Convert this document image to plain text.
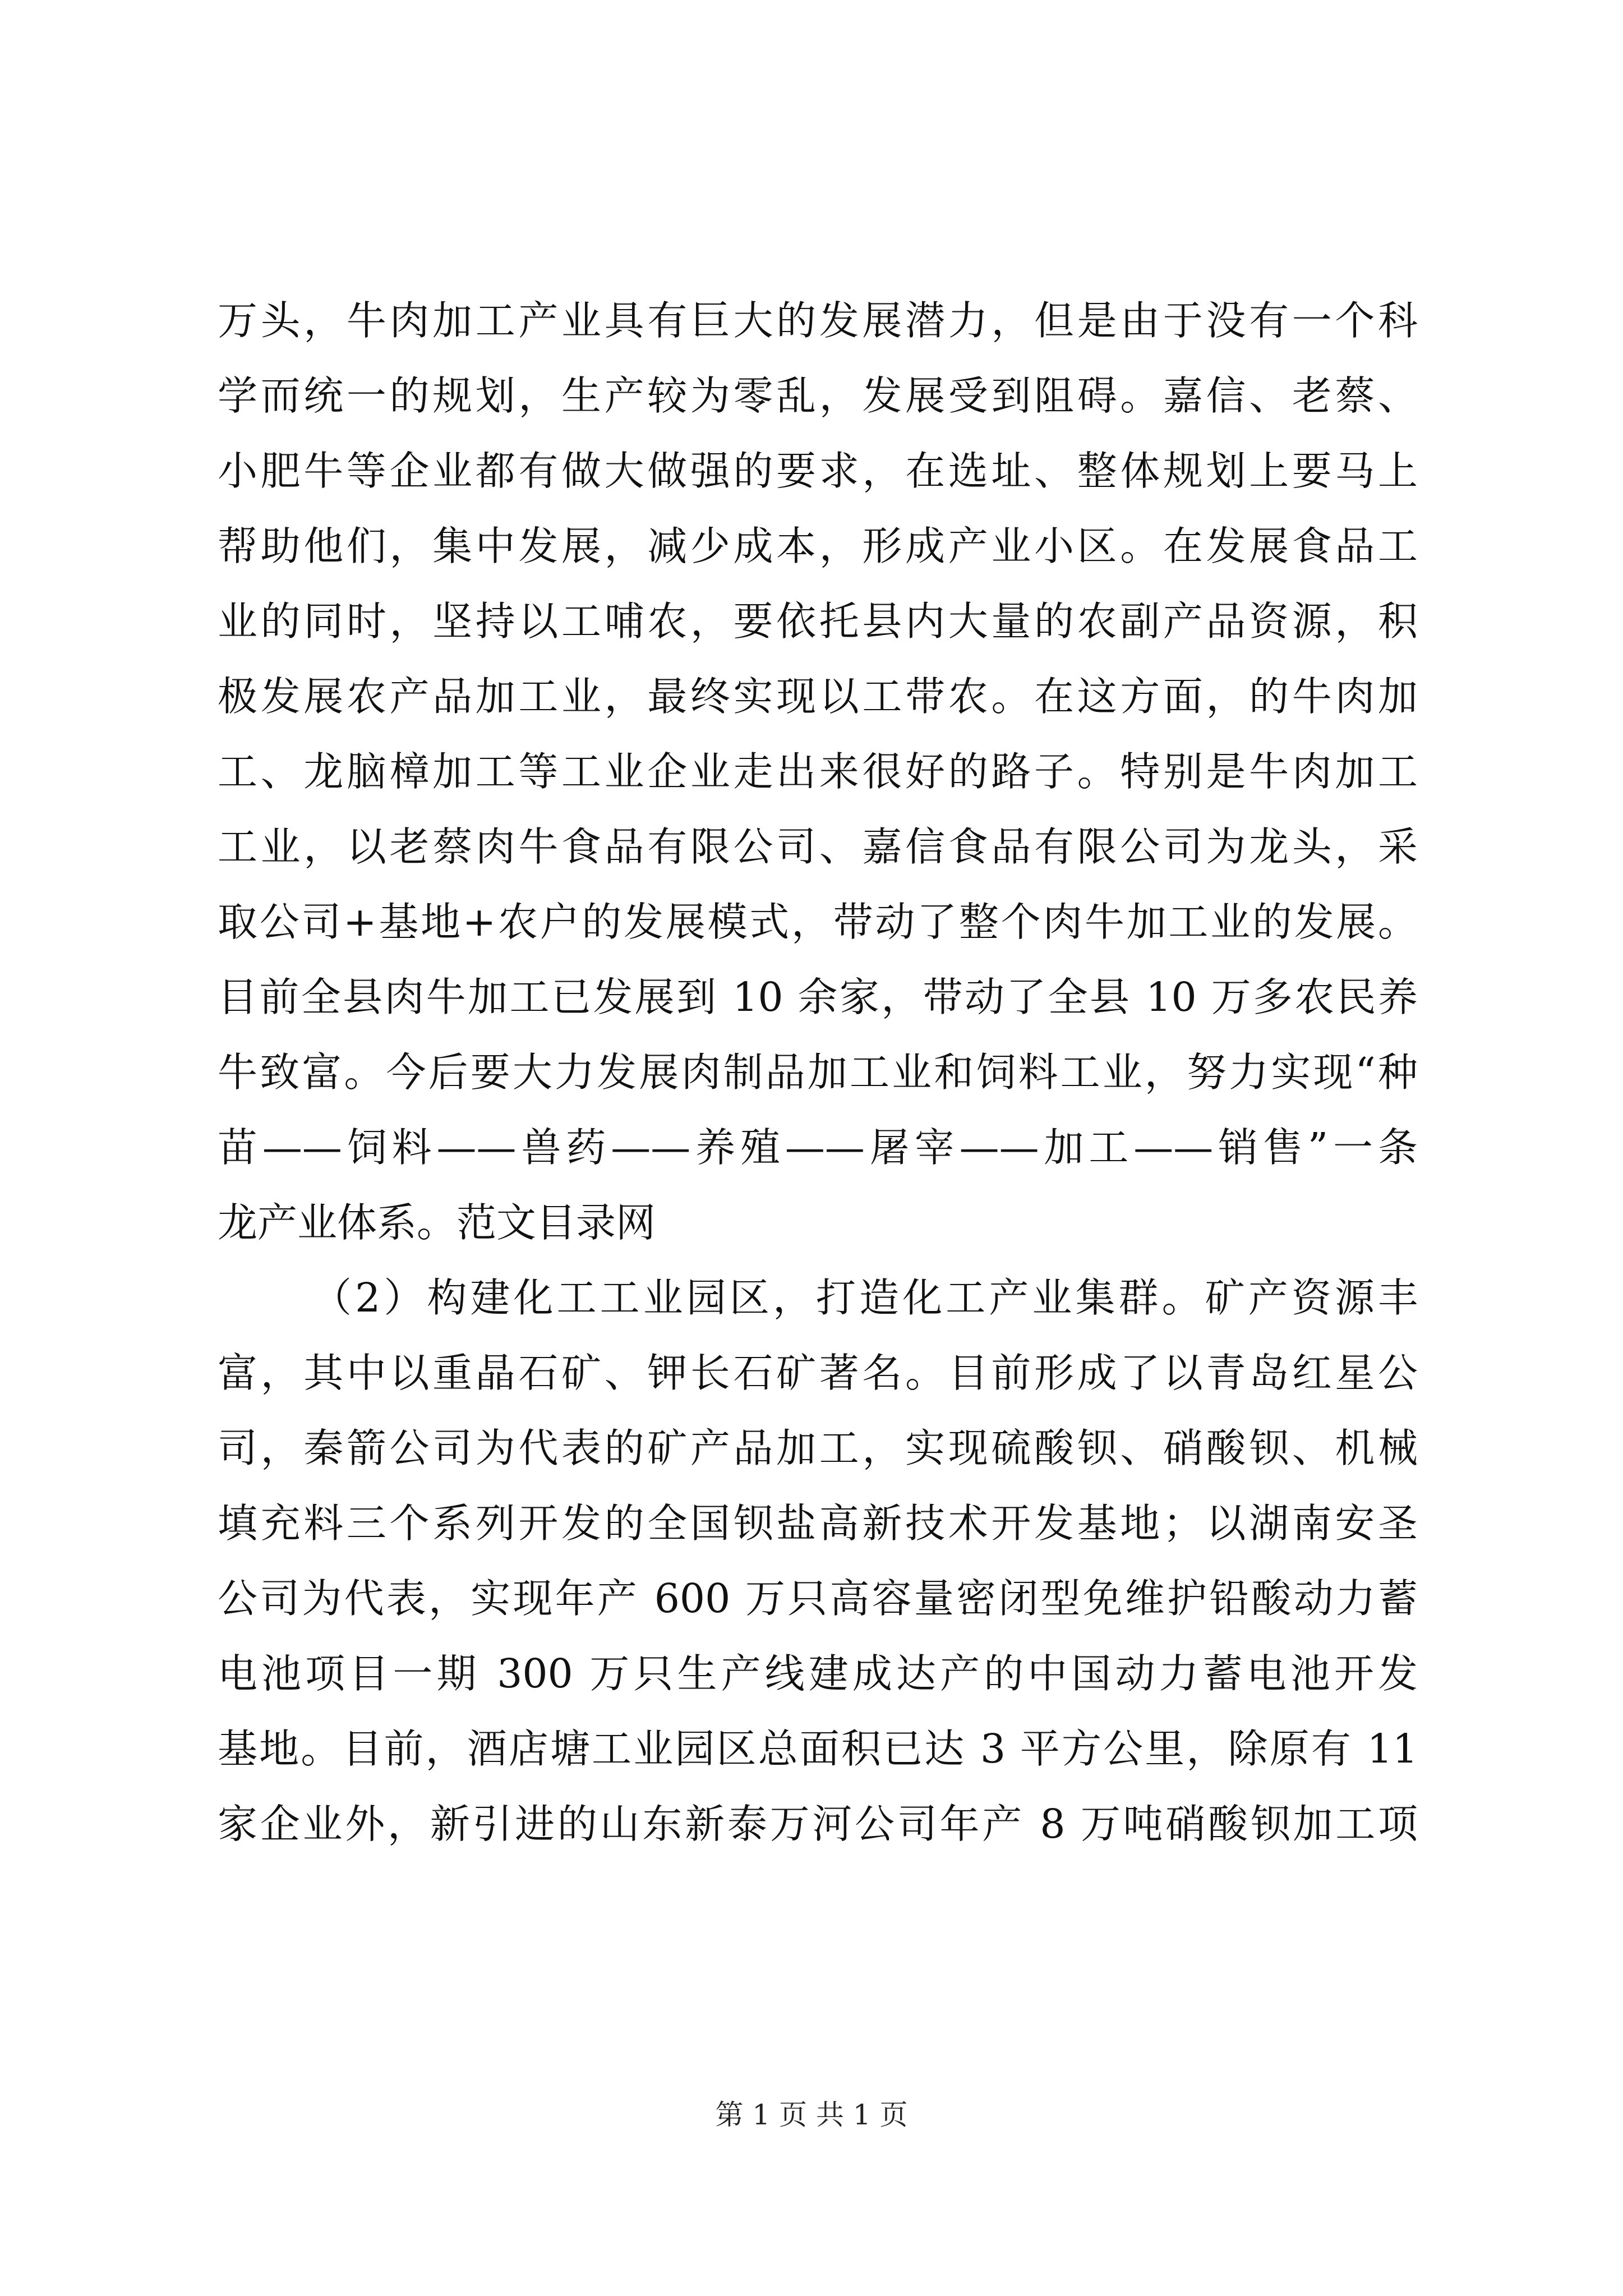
万头，牛肉加工产业具有巨大的发展潜力，但是由于没有一个科
学而统一的规划，生产较为零乱，发展受到阻碍。嘉信、老蔡、
小肥牛等企业都有做大做强的要求，在选址、整体规划上要马上
帮助他们，集中发展，减少成本，形成产业小区。在发展食品工
业的同时，坚持以工哺农，要依托县内大量的农副产品资源，积
极发展农产品加工业，最终实现以工带农。在这方面，的牛肉加
工、龙脑樟加工等工业企业走出来很好的路子。特别是牛肉加工
工业，以老蔡肉牛食品有限公司、嘉信食品有限公司为龙头，采
取公司+基地+农户的发展模式，带动了整个肉牛加工业的发展。
目前全县肉牛加工已发展到 10 余家，带动了全县 10 万多农民养
牛致富。今后要大力发展肉制品加工业和饲料工业，努力实现“种
苗——饲料——兽药——养殖——屠宰——加工——销售”一条
龙产业体系。范文目录网
（2）构建化工工业园区，打造化工产业集群。矿产资源丰
富，其中以重晶石矿、钾长石矿著名。目前形成了以青岛红星公
司，秦箭公司为代表的矿产品加工，实现硫酸钡、硝酸钡、机械
填充料三个系列开发的全国钡盐高新技术开发基地；以湖南安圣
公司为代表，实现年产 600 万只高容量密闭型免维护铅酸动力蓄
电池项目一期 300 万只生产线建成达产的中国动力蓄电池开发
基地。目前，酒店塘工业园区总面积已达 3 平方公里，除原有 11
家企业外，新引进的山东新泰万河公司年产 8 万吨硝酸钡加工项
第 1 页 共 1 页
